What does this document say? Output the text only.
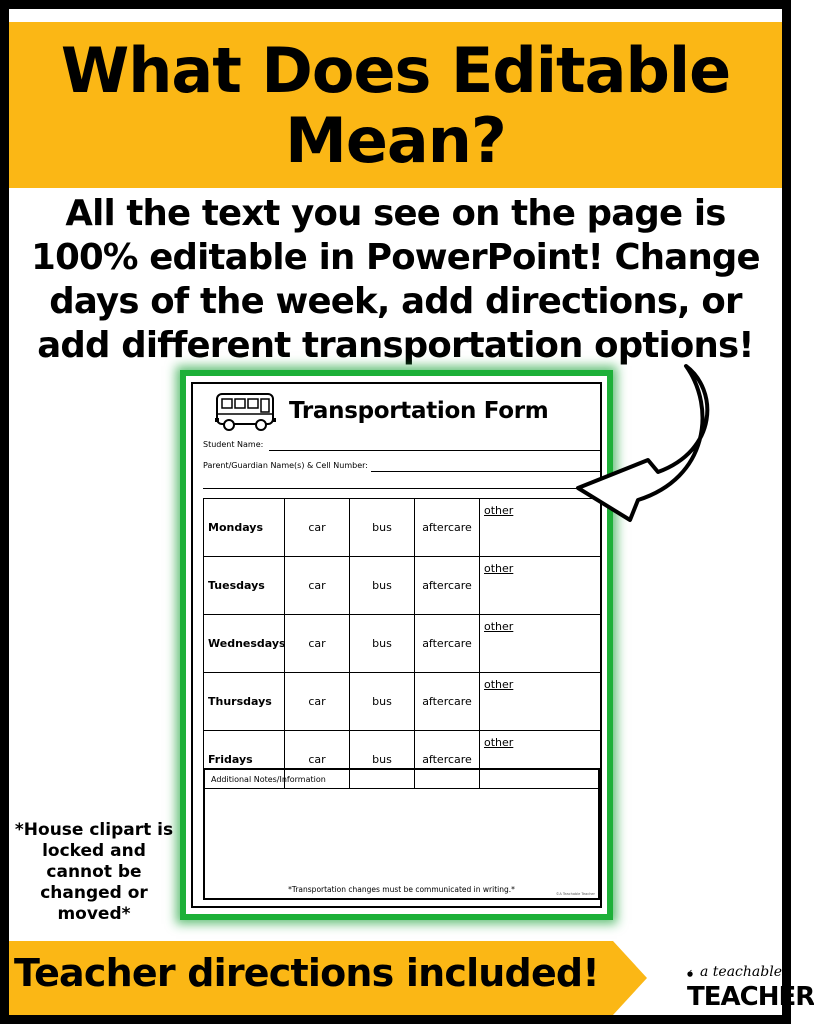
What Does Editable Mean?
All the text you see on the page is 100% editable in PowerPoint! Change days of the week, add directions, or add different transportation options!
Transportation Form
Student Name:
Parent/Guardian Name(s) & Cell Number:
Mondays	car	bus	aftercare	other
Tuesdays	car	bus	aftercare	other
Wednesdays	car	bus	aftercare	other
Thursdays	car	bus	aftercare	other
Fridays	car	bus	aftercare	other
Additional Notes/Information
*Transportation changes must be communicated in writing.*	©A Teachable Teacher
*House clipart is locked and cannot be changed or moved*
Teacher directions included!	a teachable
TEACHER
